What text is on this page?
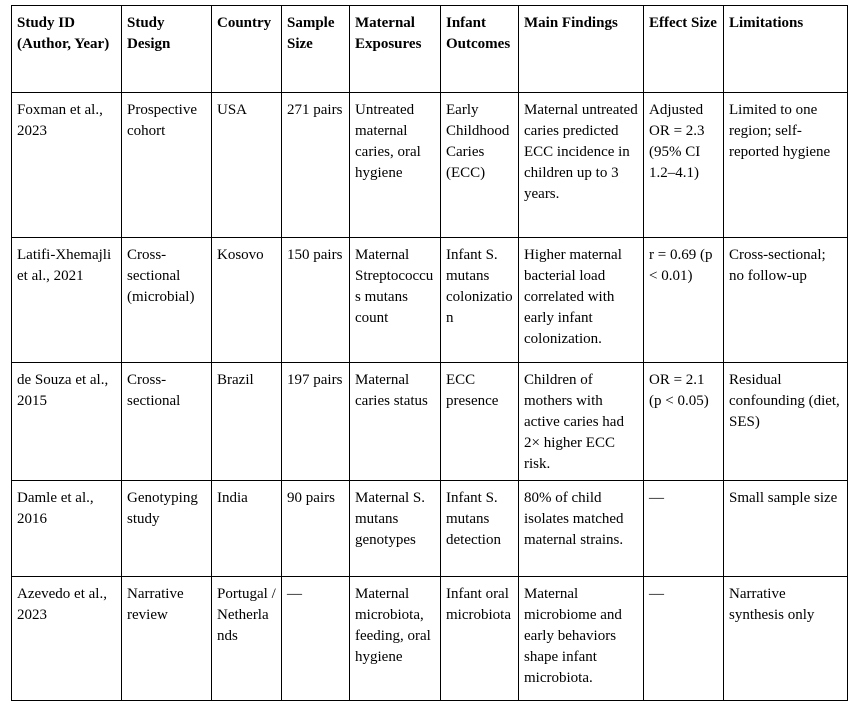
Study ID (Author, Year)	Study Design	Country	Sample Size	Maternal Exposures	Infant Outcomes	Main Findings	Effect Size	Limitations
Foxman et al., 2023	Prospective cohort	USA	271 pairs	Untreated maternal caries, oral hygiene	Early Childhood Caries (ECC)	Maternal untreated caries predicted ECC incidence in children up to 3 years.	Adjusted OR = 2.3 (95% CI 1.2–4.1)	Limited to one region; self-reported hygiene
Latifi-Xhemajli et al., 2021	Cross-sectional (microbial)	Kosovo	150 pairs	Maternal Streptococcus mutans count	Infant S. mutans colonization	Higher maternal bacterial load correlated with early infant colonization.	r = 0.69 (p < 0.01)	Cross-sectional; no follow-up
de Souza et al., 2015	Cross-sectional	Brazil	197 pairs	Maternal caries status	ECC presence	Children of mothers with active caries had 2× higher ECC risk.	OR = 2.1 (p < 0.05)	Residual confounding (diet, SES)
Damle et al., 2016	Genotyping study	India	90 pairs	Maternal S. mutans genotypes	Infant S. mutans detection	80% of child isolates matched maternal strains.	—	Small sample size
Azevedo et al., 2023	Narrative review	Portugal / Netherlands	—	Maternal microbiota, feeding, oral hygiene	Infant oral microbiota	Maternal microbiome and early behaviors shape infant microbiota.	—	Narrative synthesis only
